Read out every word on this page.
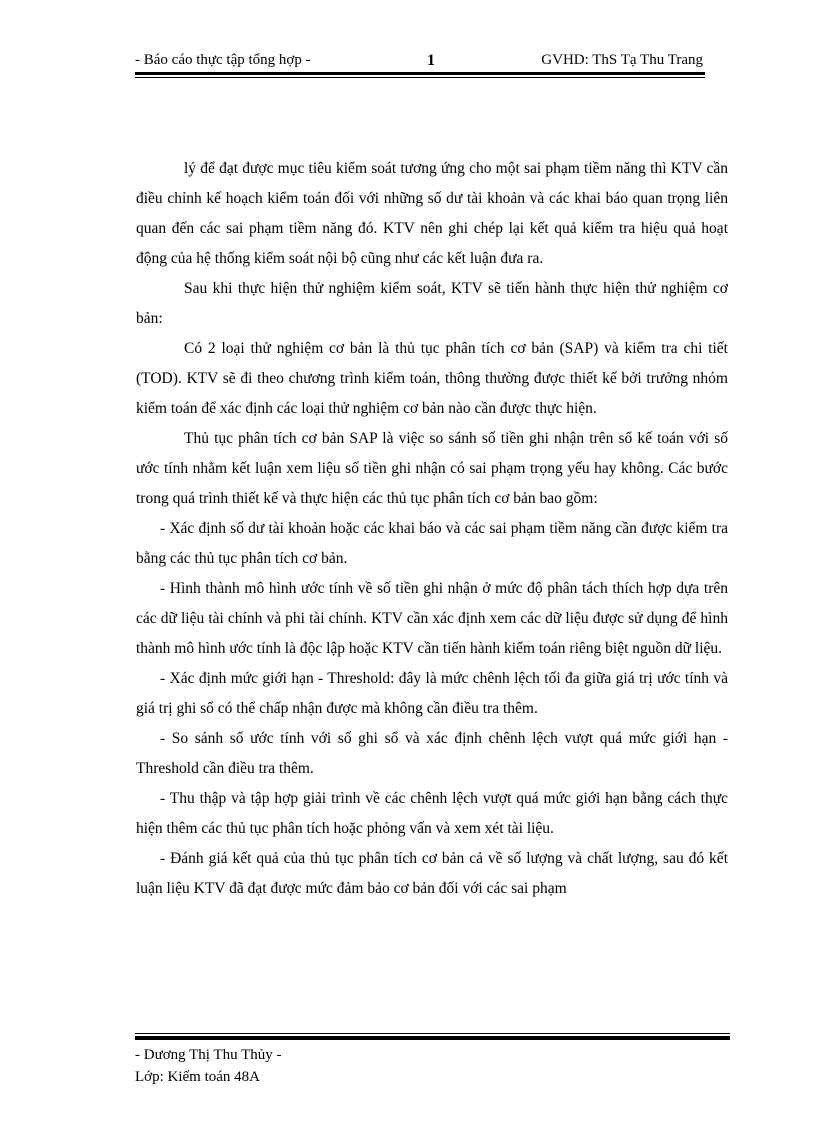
- Báo cáo thực tập tổng hợp -	1	GVHD: ThS Tạ Thu Trang

lý để đạt được mục tiêu kiểm soát tương ứng cho một sai phạm tiềm năng thì KTV cần điều chỉnh kế hoạch kiểm toán đối với những số dư tài khoản và các khai báo quan trọng liên quan đến các sai phạm tiềm năng đó. KTV nên ghi chép lại kết quả kiểm tra hiệu quả hoạt động của hệ thống kiểm soát nội bộ cũng như các kết luận đưa ra.

Sau khi thực hiện thử nghiệm kiểm soát, KTV sẽ tiến hành thực hiện thử nghiệm cơ bản:

Có 2 loại thử nghiệm cơ bản là thủ tục phân tích cơ bản (SAP) và kiểm tra chi tiết (TOD). KTV sẽ đi theo chương trình kiểm toán, thông thường được thiết kế bởi trưởng nhóm kiểm toán để xác định các loại thử nghiệm cơ bản nào cần được thực hiện.

Thủ tục phân tích cơ bản SAP là việc so sánh số tiền ghi nhận trên sổ kế toán với số ước tính nhằm kết luận xem liệu số tiền ghi nhận có sai phạm trọng yếu hay không. Các bước trong quá trình thiết kế và thực hiện các thủ tục phân tích cơ bản bao gồm:

- Xác định số dư tài khoản hoặc các khai báo và các sai phạm tiềm năng cần được kiểm tra bằng các thủ tục phân tích cơ bản.

- Hình thành mô hình ước tính về số tiền ghi nhận ở mức độ phân tách thích hợp dựa trên các dữ liệu tài chính và phi tài chính. KTV cần xác định xem các dữ liệu được sử dụng để hình thành mô hình ước tính là độc lập hoặc KTV cần tiến hành kiểm toán riêng biệt nguồn dữ liệu.

- Xác định mức giới hạn - Threshold: đây là mức chênh lệch tối đa giữa giá trị ước tính và giá trị ghi sổ có thể chấp nhận được mà không cần điều tra thêm.

- So sánh số ước tính với số ghi sổ và xác định chênh lệch vượt quá mức giới hạn - Threshold cần điều tra thêm.

- Thu thập và tập hợp giải trình về các chênh lệch vượt quá mức giới hạn bằng cách thực hiện thêm các thủ tục phân tích hoặc phỏng vấn và xem xét tài liệu.

- Đánh giá kết quả của thủ tục phân tích cơ bản cả về số lượng và chất lượng, sau đó kết luận liệu KTV đã đạt được mức đảm bảo cơ bản đối với các sai phạm

- Dương Thị Thu Thủy -
Lớp: Kiểm toán 48A
